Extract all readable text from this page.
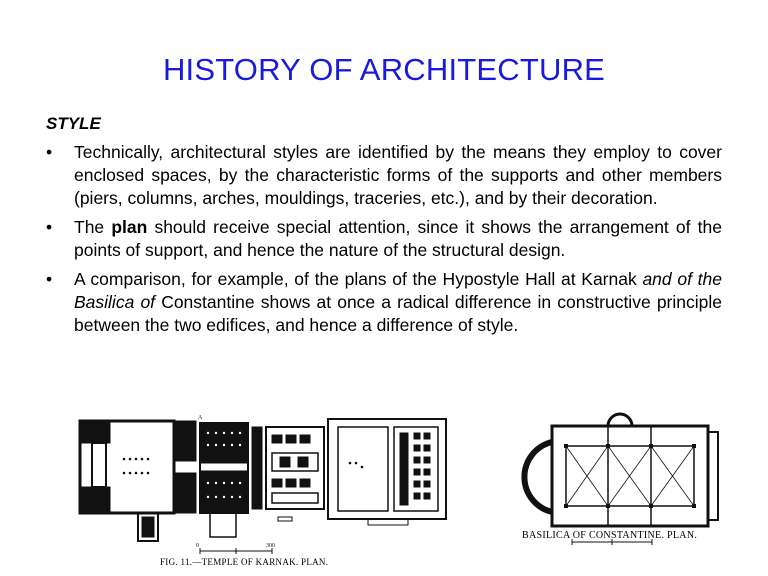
HISTORY OF ARCHITECTURE
STYLE
• Technically, architectural styles are identified by the means they employ to cover enclosed spaces, by the characteristic forms of the supports and other members (piers, columns, arches, mouldings, traceries, etc.), and by their decoration.
• The plan should receive special attention, since it shows the arrangement of the points of support, and hence the nature of the structural design.
• A comparison, for example, of the plans of the Hypostyle Hall at Karnak and of the Basilica of Constantine shows at once a radical difference in constructive principle between the two edifices, and hence a difference of style.
0	300
A
FIG. 11.—TEMPLE OF KARNAK. PLAN.
BASILICA OF CONSTANTINE. PLAN.
